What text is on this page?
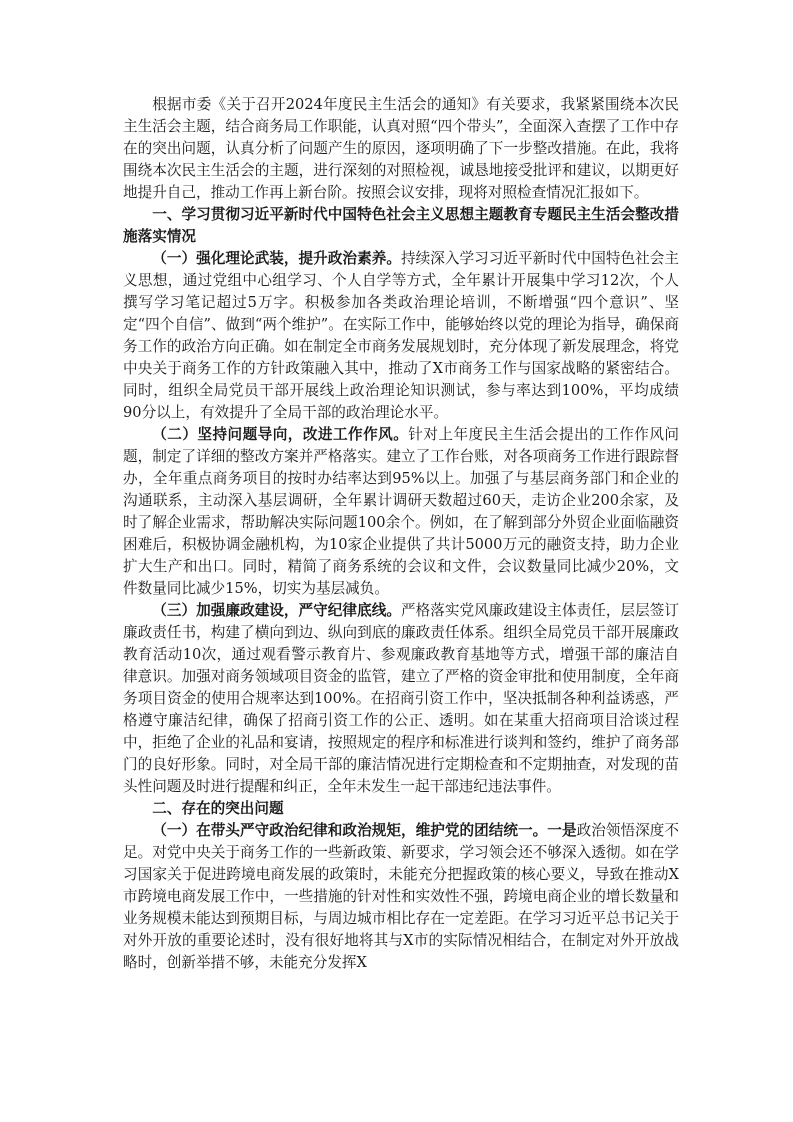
根据市委《关于召开2024年度民主生活会的通知》有关要求，我紧紧围绕本次民主生活会主题，结合商务局工作职能，认真对照“四个带头”，全面深入查摆了工作中存在的突出问题，认真分析了问题产生的原因，逐项明确了下一步整改措施。在此，我将围绕本次民主生活会的主题，进行深刻的对照检视，诚恳地接受批评和建议，以期更好地提升自己，推动工作再上新台阶。按照会议安排，现将对照检查情况汇报如下。

一、学习贯彻习近平新时代中国特色社会主义思想主题教育专题民主生活会整改措施落实情况

（一）强化理论武装，提升政治素养。持续深入学习习近平新时代中国特色社会主义思想，通过党组中心组学习、个人自学等方式，全年累计开展集中学习12次，个人撰写学习笔记超过5万字。积极参加各类政治理论培训，不断增强“四个意识”、坚定“四个自信”、做到“两个维护”。在实际工作中，能够始终以党的理论为指导，确保商务工作的政治方向正确。如在制定全市商务发展规划时，充分体现了新发展理念，将党中央关于商务工作的方针政策融入其中，推动了X市商务工作与国家战略的紧密结合。同时，组织全局党员干部开展线上政治理论知识测试，参与率达到100%，平均成绩90分以上，有效提升了全局干部的政治理论水平。

（二）坚持问题导向，改进工作作风。针对上年度民主生活会提出的工作作风问题，制定了详细的整改方案并严格落实。建立了工作台账，对各项商务工作进行跟踪督办，全年重点商务项目的按时办结率达到95%以上。加强了与基层商务部门和企业的沟通联系，主动深入基层调研，全年累计调研天数超过60天，走访企业200余家，及时了解企业需求，帮助解决实际问题100余个。例如，在了解到部分外贸企业面临融资困难后，积极协调金融机构，为10家企业提供了共计5000万元的融资支持，助力企业扩大生产和出口。同时，精简了商务系统的会议和文件，会议数量同比减少20%，文件数量同比减少15%，切实为基层减负。

（三）加强廉政建设，严守纪律底线。严格落实党风廉政建设主体责任，层层签订廉政责任书，构建了横向到边、纵向到底的廉政责任体系。组织全局党员干部开展廉政教育活动10次，通过观看警示教育片、参观廉政教育基地等方式，增强干部的廉洁自律意识。加强对商务领域项目资金的监管，建立了严格的资金审批和使用制度，全年商务项目资金的使用合规率达到100%。在招商引资工作中，坚决抵制各种利益诱惑，严格遵守廉洁纪律，确保了招商引资工作的公正、透明。如在某重大招商项目洽谈过程中，拒绝了企业的礼品和宴请，按照规定的程序和标准进行谈判和签约，维护了商务部门的良好形象。同时，对全局干部的廉洁情况进行定期检查和不定期抽查，对发现的苗头性问题及时进行提醒和纠正，全年未发生一起干部违纪违法事件。

二、存在的突出问题

（一）在带头严守政治纪律和政治规矩，维护党的团结统一。一是政治领悟深度不足。对党中央关于商务工作的一些新政策、新要求，学习领会还不够深入透彻。如在学习国家关于促进跨境电商发展的政策时，未能充分把握政策的核心要义，导致在推动X市跨境电商发展工作中，一些措施的针对性和实效性不强，跨境电商企业的增长数量和业务规模未能达到预期目标，与周边城市相比存在一定差距。在学习习近平总书记关于对外开放的重要论述时，没有很好地将其与X市的实际情况相结合，在制定对外开放战略时，创新举措不够，未能充分发挥X
